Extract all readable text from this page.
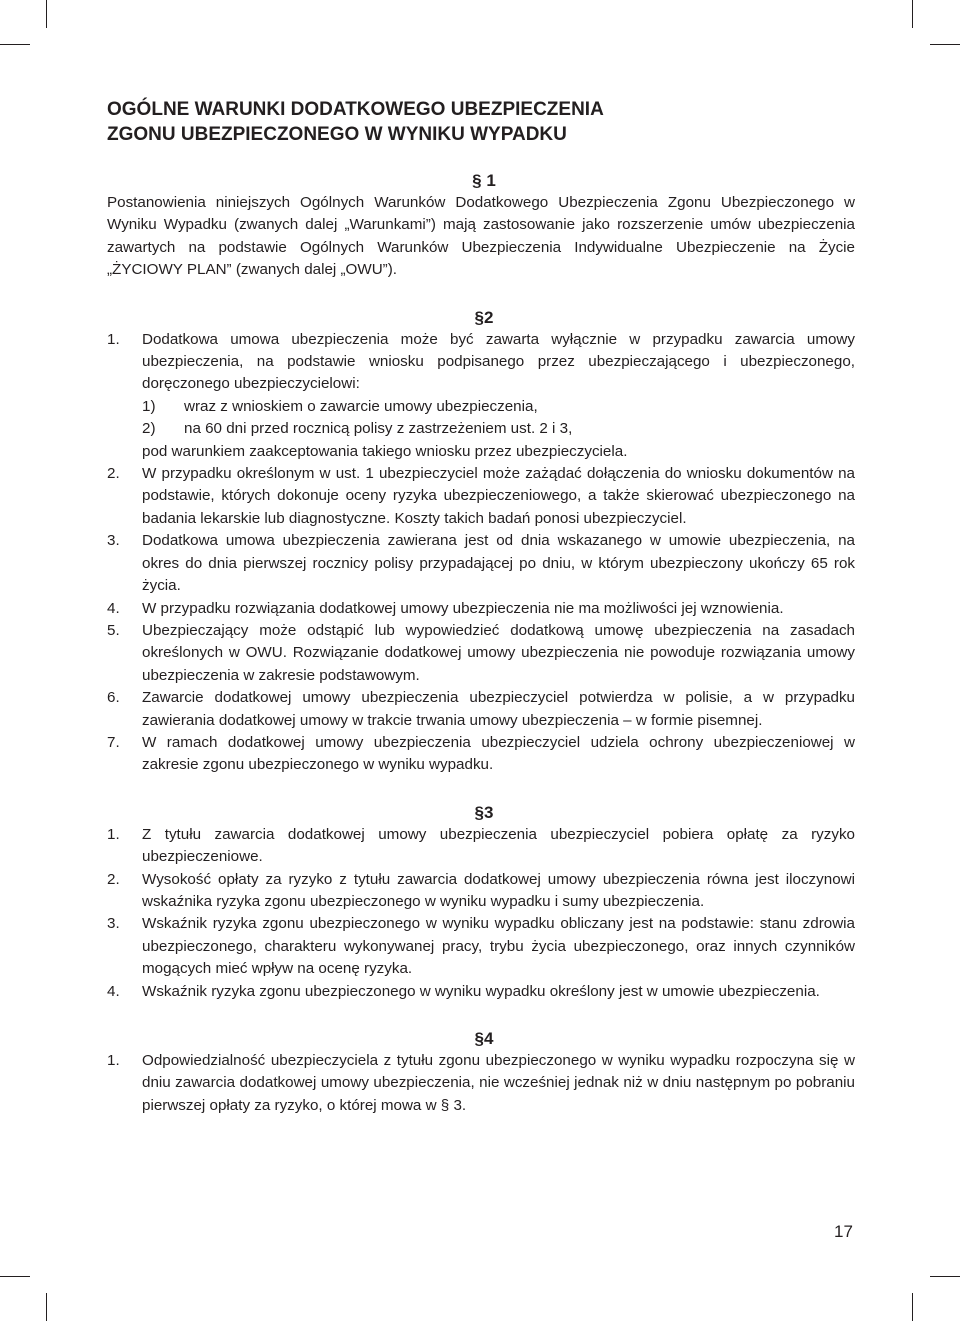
OGÓLNE WARUNKI DODATKOWEGO UBEZPIECZENIA
ZGONU UBEZPIECZONEGO W WYNIKU WYPADKU
§ 1
Postanowienia niniejszych Ogólnych Warunków Dodatkowego Ubezpieczenia Zgonu Ubezpieczonego w Wyniku Wypadku (zwanych dalej „Warunkami”) mają zastosowanie jako rozszerzenie umów ubezpieczenia zawartych na podstawie Ogólnych Warunków Ubezpieczenia Indywidualne Ubezpieczenie na Życie „ŻYCIOWY PLAN” (zwanych dalej „OWU”).
§2
1.	Dodatkowa umowa ubezpieczenia może być zawarta wyłącznie w przypadku zawarcia umowy ubezpieczenia, na podstawie wniosku podpisanego przez ubezpieczającego i ubezpieczonego, doręczonego ubezpieczycielowi:
1)	wraz z wnioskiem o zawarcie umowy ubezpieczenia,
2)	na 60 dni przed rocznicą polisy z zastrzeżeniem ust. 2 i 3,
pod warunkiem zaakceptowania takiego wniosku przez ubezpieczyciela.
2.	W przypadku określonym w ust. 1 ubezpieczyciel może zażądać dołączenia do wniosku dokumentów na podstawie, których dokonuje oceny ryzyka ubezpieczeniowego, a także skierować ubezpieczonego na badania lekarskie lub diagnostyczne. Koszty takich badań ponosi ubezpieczyciel.
3.	Dodatkowa umowa ubezpieczenia zawierana jest od dnia wskazanego w umowie ubezpieczenia, na okres do dnia pierwszej rocznicy polisy przypadającej po dniu, w którym ubezpieczony ukończy 65 rok życia.
4.	W przypadku rozwiązania dodatkowej umowy ubezpieczenia nie ma możliwości jej wznowienia.
5.	Ubezpieczający może odstąpić lub wypowiedzieć dodatkową umowę ubezpieczenia na zasadach określonych w OWU. Rozwiązanie dodatkowej umowy ubezpieczenia nie powoduje rozwiązania umowy ubezpieczenia w zakresie podstawowym.
6.	Zawarcie dodatkowej umowy ubezpieczenia ubezpieczyciel potwierdza w polisie, a w przypadku zawierania dodatkowej umowy w trakcie trwania umowy ubezpieczenia – w formie pisemnej.
7.	W ramach dodatkowej umowy ubezpieczenia ubezpieczyciel udziela ochrony ubezpieczeniowej w zakresie zgonu ubezpieczonego w wyniku wypadku.
§3
1.	Z tytułu zawarcia dodatkowej umowy ubezpieczenia ubezpieczyciel pobiera opłatę za ryzyko ubezpieczeniowe.
2.	Wysokość opłaty za ryzyko z tytułu zawarcia dodatkowej umowy ubezpieczenia równa jest iloczynowi wskaźnika ryzyka zgonu ubezpieczonego w wyniku wypadku i sumy ubezpieczenia.
3.	Wskaźnik ryzyka zgonu ubezpieczonego w wyniku wypadku obliczany jest na podstawie: stanu zdrowia ubezpieczonego, charakteru wykonywanej pracy, trybu życia ubezpieczonego, oraz innych czynników mogących mieć wpływ na ocenę ryzyka.
4.	Wskaźnik ryzyka zgonu ubezpieczonego w wyniku wypadku określony jest w umowie ubezpieczenia.
§4
1.	Odpowiedzialność ubezpieczyciela z tytułu zgonu ubezpieczonego w wyniku wypadku rozpoczyna się w dniu zawarcia dodatkowej umowy ubezpieczenia, nie wcześniej jednak niż w dniu następnym po pobraniu pierwszej opłaty za ryzyko, o której mowa w § 3.
17
